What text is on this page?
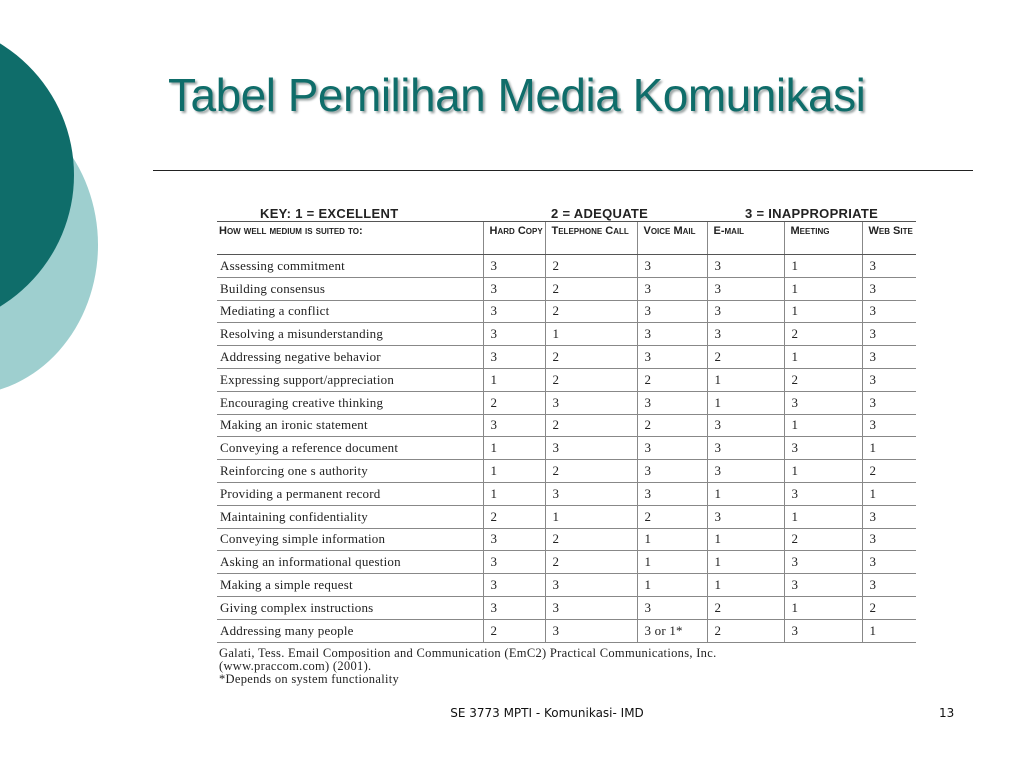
Tabel Pemilihan Media Komunikasi
KEY: 1 = EXCELLENT	2 = ADEQUATE	3 = INAPPROPRIATE
How well medium is suited to:	Hard Copy	Telephone Call	Voice Mail	E-mail	Meeting	Web Site
Assessing commitment	3	2	3	3	1	3
Building consensus	3	2	3	3	1	3
Mediating a conflict	3	2	3	3	1	3
Resolving a misunderstanding	3	1	3	3	2	3
Addressing negative behavior	3	2	3	2	1	3
Expressing support/appreciation	1	2	2	1	2	3
Encouraging creative thinking	2	3	3	1	3	3
Making an ironic statement	3	2	2	3	1	3
Conveying a reference document	1	3	3	3	3	1
Reinforcing one s authority	1	2	3	3	1	2
Providing a permanent record	1	3	3	1	3	1
Maintaining confidentiality	2	1	2	3	1	3
Conveying simple information	3	2	1	1	2	3
Asking an informational question	3	2	1	1	3	3
Making a simple request	3	3	1	1	3	3
Giving complex instructions	3	3	3	2	1	2
Addressing many people	2	3	3 or 1*	2	3	1
Galati, Tess. Email Composition and Communication (EmC2) Practical Communications, Inc.
(www.praccom.com) (2001).
*Depends on system functionality
SE 3773 MPTI - Komunikasi- IMD	13
